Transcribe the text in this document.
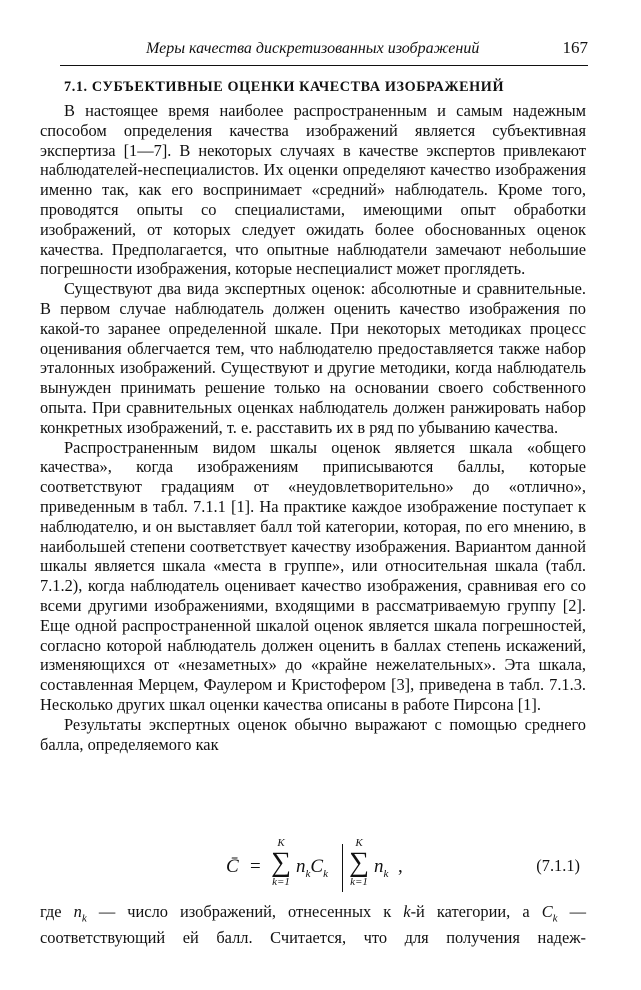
Меры качества дискретизованных изображений	167
7.1. СУБЪЕКТИВНЫЕ ОЦЕНКИ КАЧЕСТВА ИЗОБРАЖЕНИЙ

В настоящее время наиболее распространенным и самым надежным способом определения качества изображений является субъективная экспертиза [1—7]. В некоторых случаях в качестве экспертов привлекают наблюдателей-неспециалистов. Их оценки определяют качество изображения именно так, как его воспринимает «средний» наблюдатель. Кроме того, проводятся опыты со специалистами, имеющими опыт обработки изображений, от которых следует ожидать более обоснованных оценок качества. Предполагается, что опытные наблюдатели замечают небольшие погрешности изображения, которые неспециалист может проглядеть.

Существуют два вида экспертных оценок: абсолютные и сравнительные. В первом случае наблюдатель должен оценить качество изображения по какой-то заранее определенной шкале. При некоторых методиках процесс оценивания облегчается тем, что наблюдателю предоставляется также набор эталонных изображений. Существуют и другие методики, когда наблюдатель вынужден принимать решение только на основании своего собственного опыта. При сравнительных оценках наблюдатель должен ранжировать набор конкретных изображений, т. е. расставить их в ряд по убыванию качества.

Распространенным видом шкалы оценок является шкала «общего качества», когда изображениям приписываются баллы, которые соответствуют градациям от «неудовлетворительно» до «отлично», приведенным в табл. 7.1.1 [1]. На практике каждое изображение поступает к наблюдателю, и он выставляет балл той категории, которая, по его мнению, в наибольшей степени соответствует качеству изображения. Вариантом данной шкалы является шкала «места в группе», или относительная шкала (табл. 7.1.2), когда наблюдатель оценивает качество изображения, сравнивая его со всеми другими изображениями, входящими в рассматриваемую группу [2]. Еще одной распространенной шкалой оценок является шкала погрешностей, согласно которой наблюдатель должен оценить в баллах степень искажений, изменяющихся от «незаметных» до «крайне нежелательных». Эта шкала, составленная Мерцем, Фаулером и Кристофером [3], приведена в табл. 7.1.3. Несколько других шкал оценки качества описаны в работе Пирсона [1].

Результаты экспертных оценок обычно выражают с помощью среднего балла, определяемого как

C̄ =
K
∑
k=1
$n_kC_k$
K
∑
k=1
$n_k$ ,	(7.1.1)

где $n_k$ — число изображений, отнесенных к k-й категории, а $C_k$ —

соответствующий ей балл. Считается, что для получения надеж-
